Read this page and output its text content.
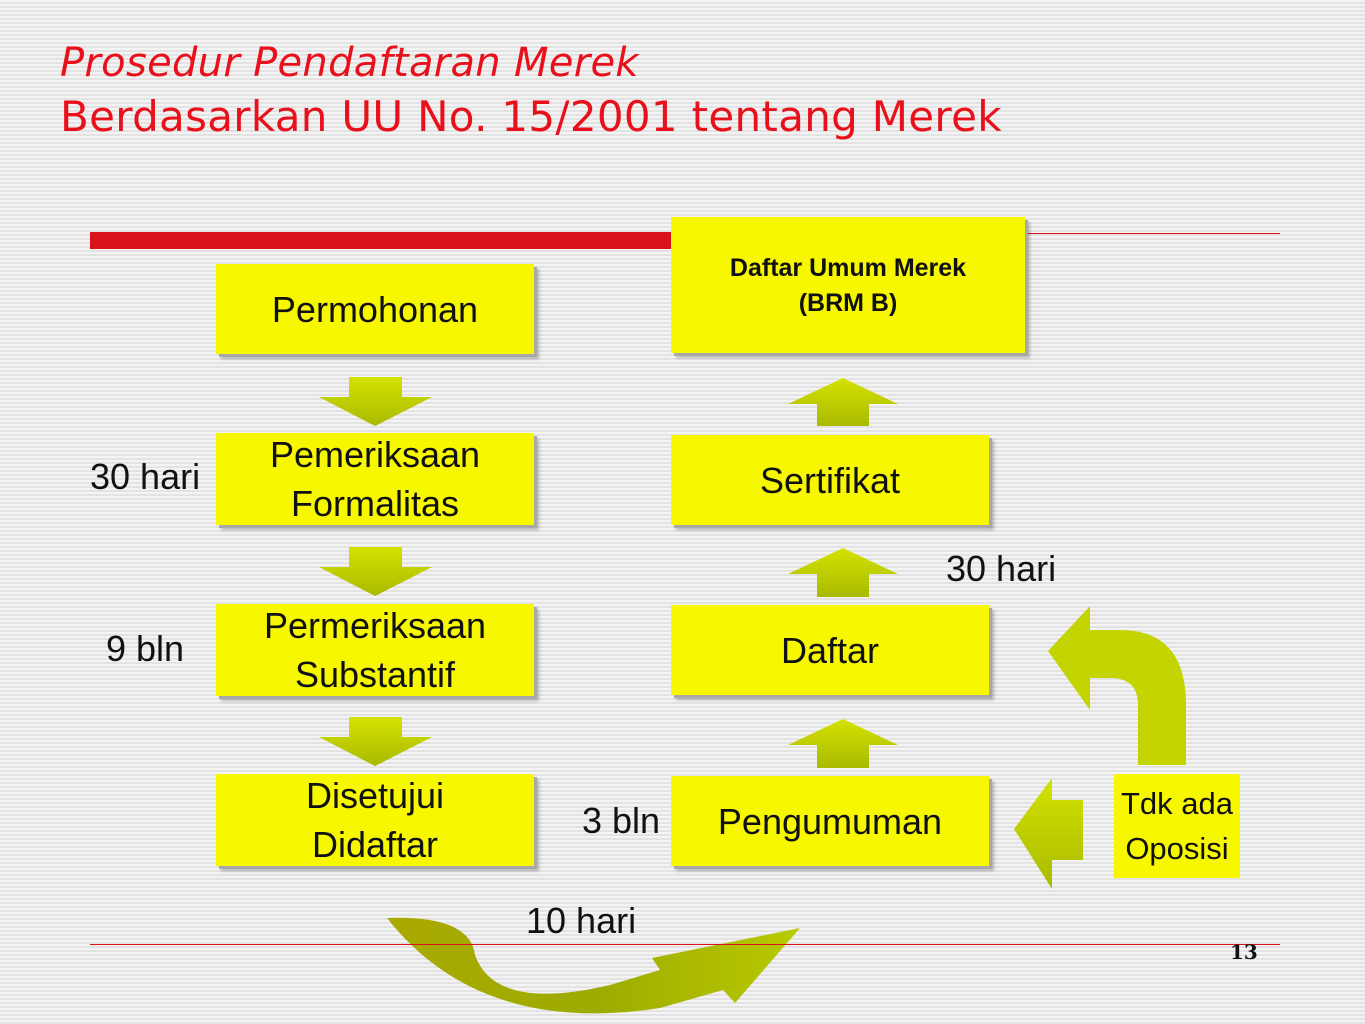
Prosedur Pendaftaran Merek
Berdasarkan UU No. 15/2001 tentang Merek
Permohonan
Pemeriksaan
Formalitas
Permeriksaan
Substantif
Disetujui
Didaftar
Daftar Umum Merek
(BRM B)
Sertifikat
Daftar
Pengumuman
30 hari
9 bln
3 bln
30 hari
10 hari
Tdk ada
Oposisi
13
